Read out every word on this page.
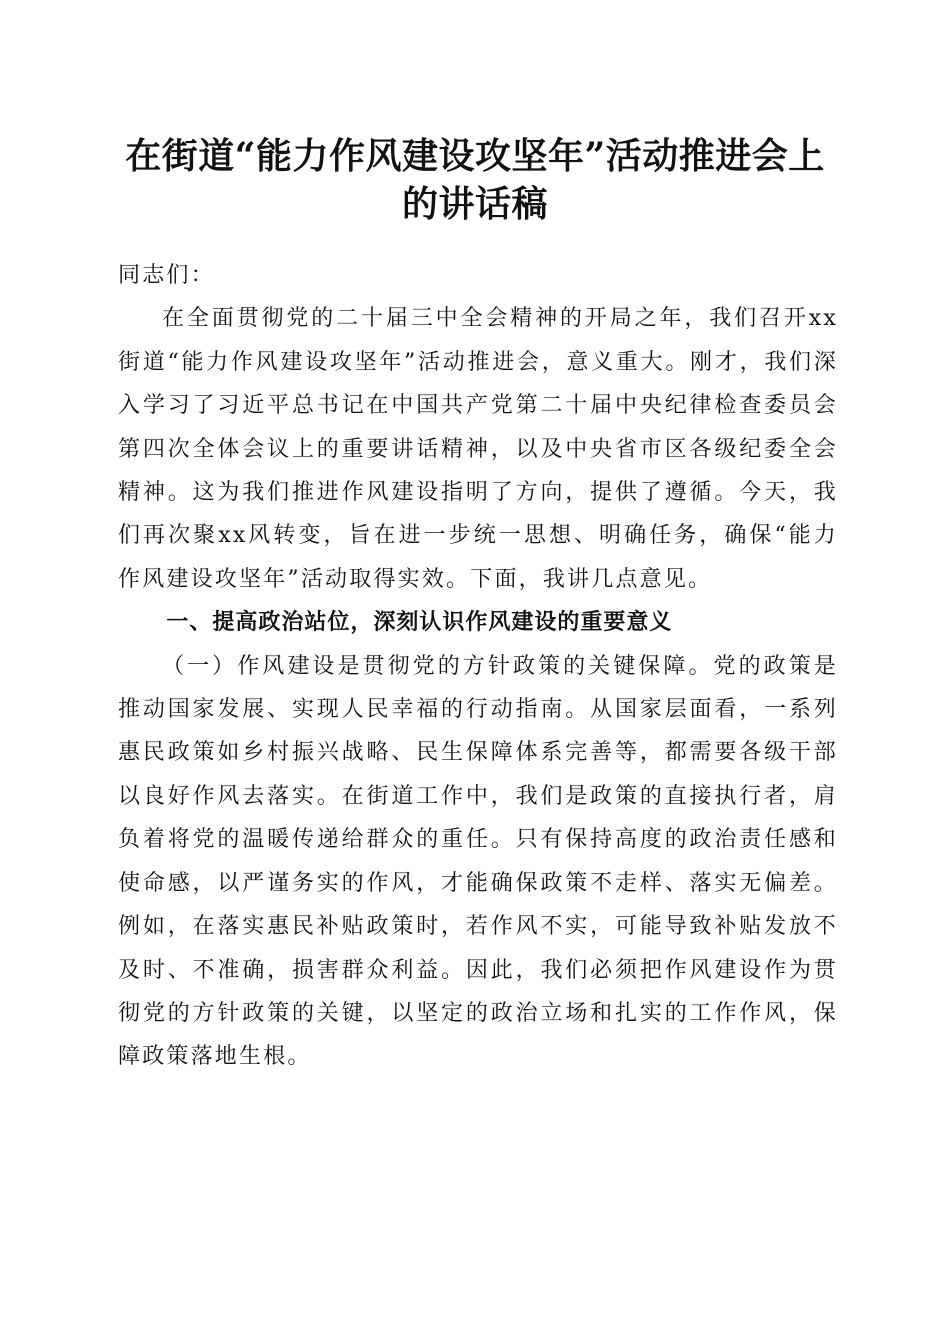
在街道“能力作风建设攻坚年”活动推进会上
的讲话稿

同志们：

在全面贯彻党的二十届三中全会精神的开局之年，我们召开xx街道“能力作风建设攻坚年”活动推进会，意义重大。刚才，我们深入学习了习近平总书记在中国共产党第二十届中央纪律检查委员会第四次全体会议上的重要讲话精神，以及中央省市区各级纪委全会精神。这为我们推进作风建设指明了方向，提供了遵循。今天，我们再次聚xx风转变，旨在进一步统一思想、明确任务，确保“能力作风建设攻坚年”活动取得实效。下面，我讲几点意见。

一、提高政治站位，深刻认识作风建设的重要意义

（一）作风建设是贯彻党的方针政策的关键保障。党的政策是推动国家发展、实现人民幸福的行动指南。从国家层面看，一系列惠民政策如乡村振兴战略、民生保障体系完善等，都需要各级干部以良好作风去落实。在街道工作中，我们是政策的直接执行者，肩负着将党的温暖传递给群众的重任。只有保持高度的政治责任感和使命感，以严谨务实的作风，才能确保政策不走样、落实无偏差。例如，在落实惠民补贴政策时，若作风不实，可能导致补贴发放不及时、不准确，损害群众利益。因此，我们必须把作风建设作为贯彻党的方针政策的关键，以坚定的政治立场和扎实的工作作风，保障政策落地生根。
